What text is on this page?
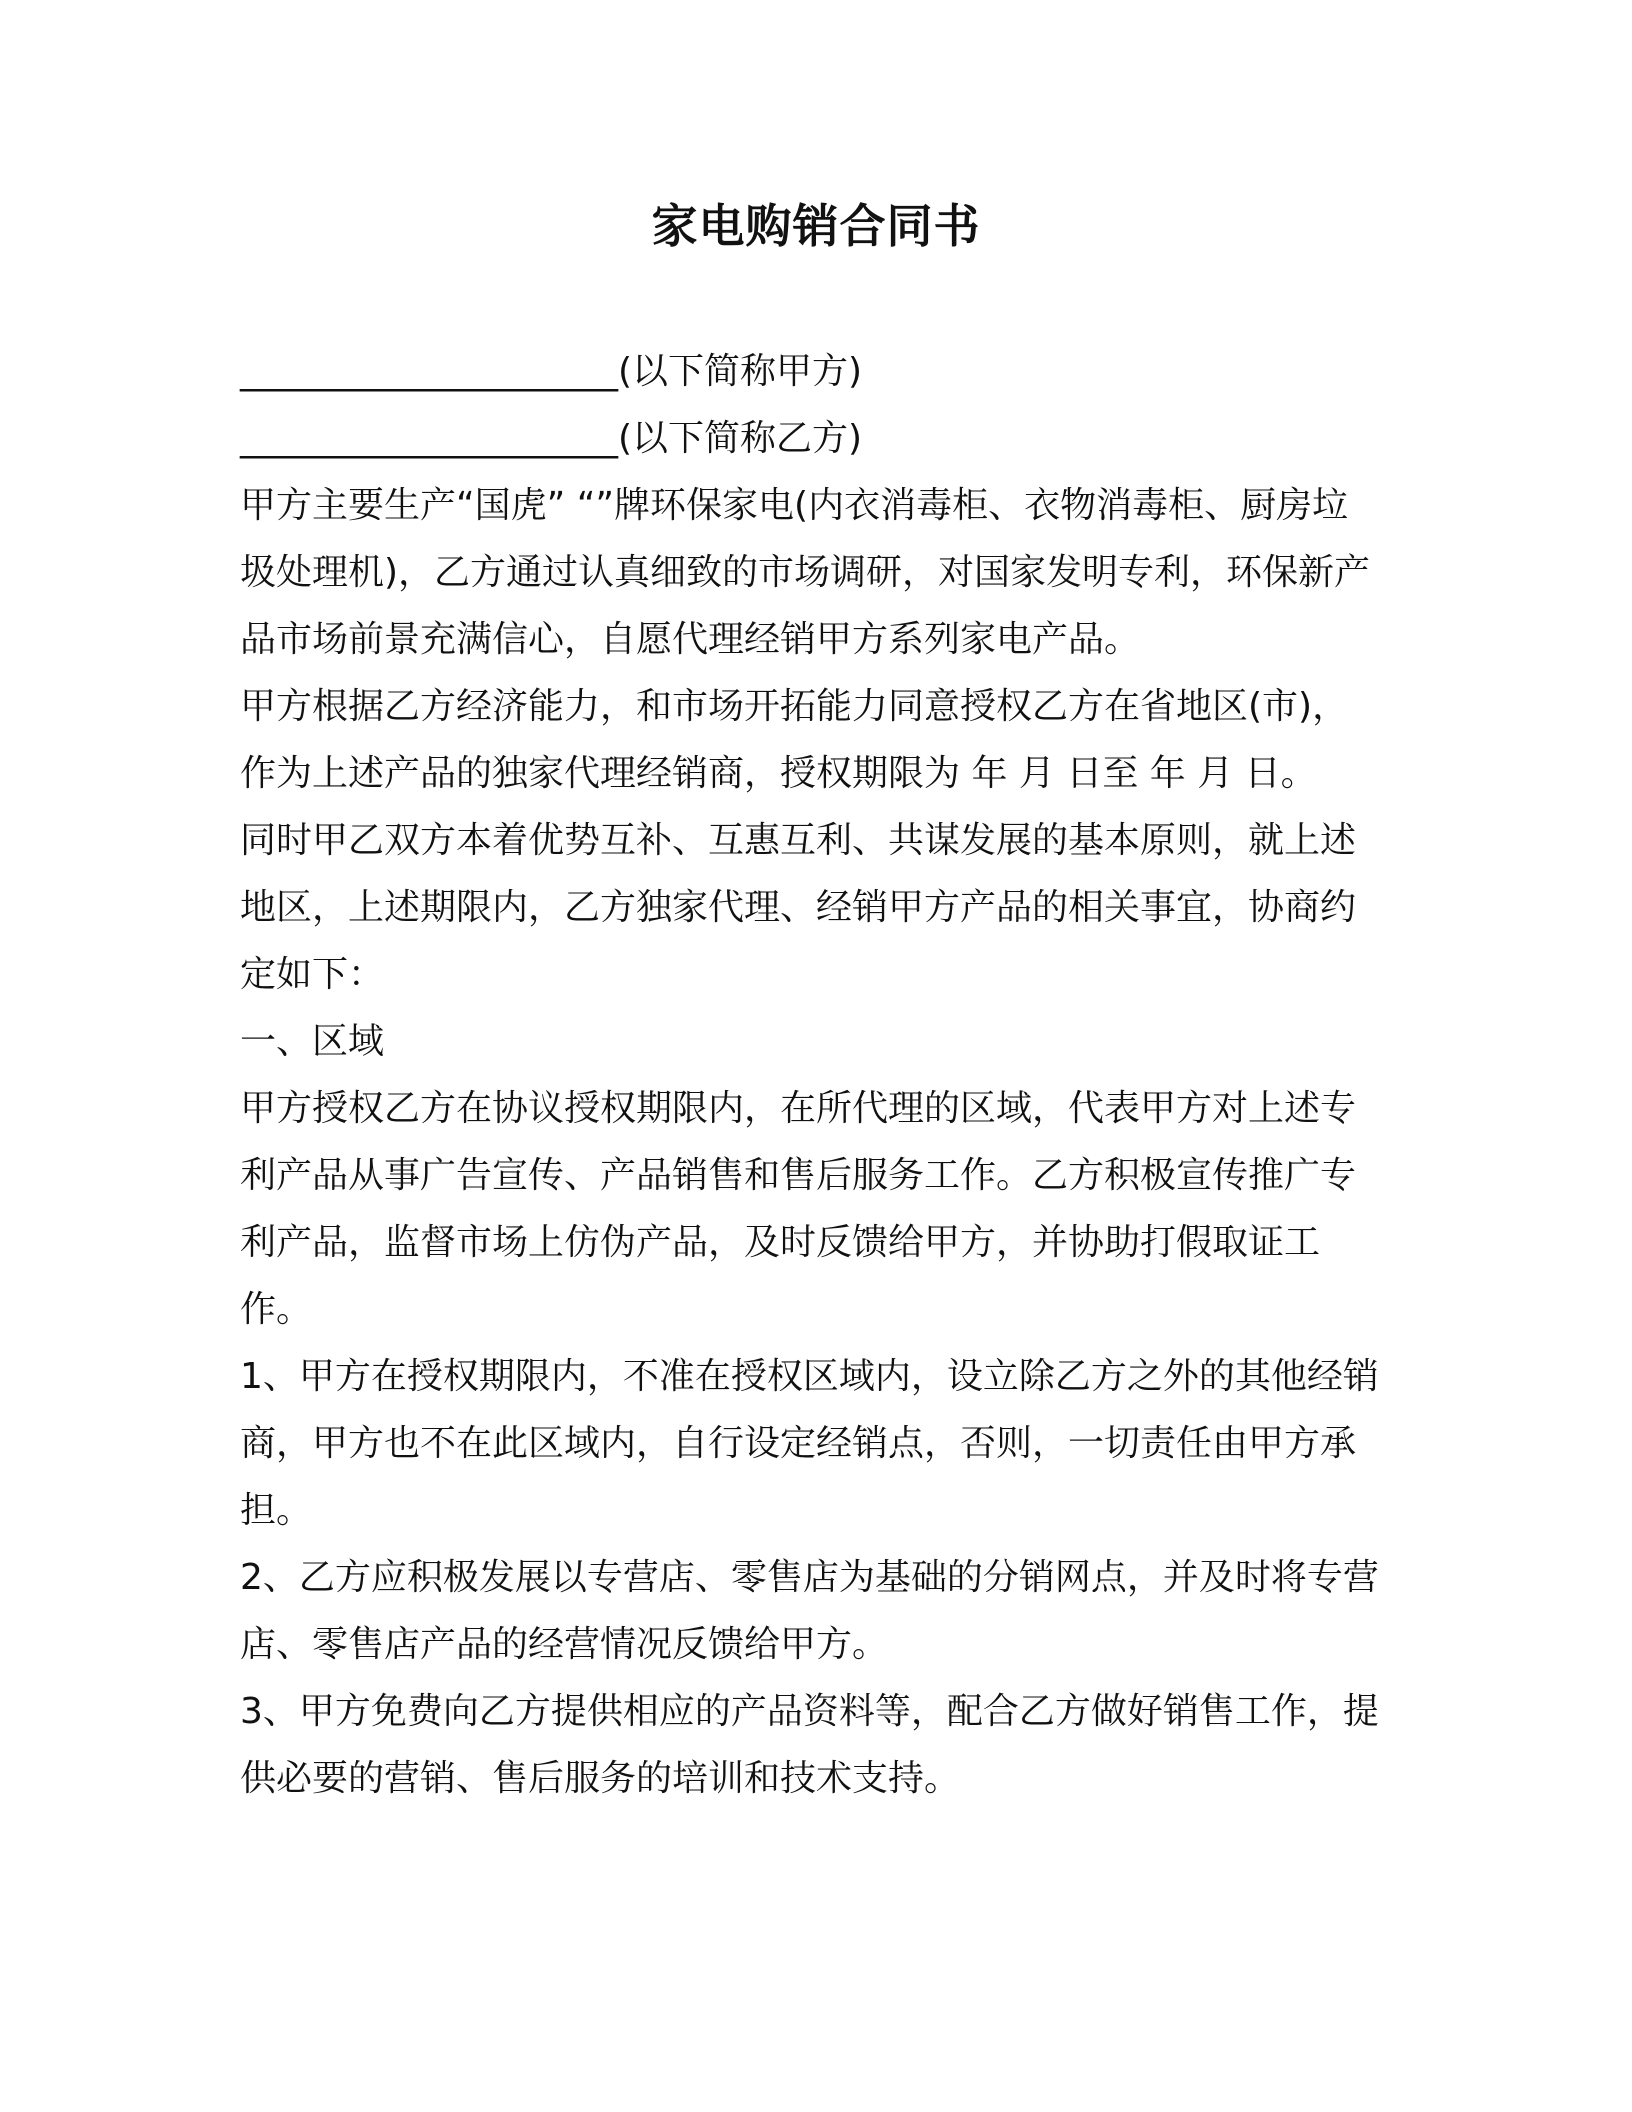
家电购销合同书

_____________________(以下简称甲方)

_____________________(以下简称乙方)

甲方主要生产“国虎” “”牌环保家电(内衣消毒柜、衣物消毒柜、厨房垃圾处理机)，乙方通过认真细致的市场调研，对国家发明专利，环保新产品市场前景充满信心，自愿代理经销甲方系列家电产品。

甲方根据乙方经济能力，和市场开拓能力同意授权乙方在省地区(市)，作为上述产品的独家代理经销商，授权期限为 年 月 日至 年 月 日。

同时甲乙双方本着优势互补、互惠互利、共谋发展的基本原则，就上述地区，上述期限内，乙方独家代理、经销甲方产品的相关事宜，协商约定如下：

一、区域

甲方授权乙方在协议授权期限内，在所代理的区域，代表甲方对上述专利产品从事广告宣传、产品销售和售后服务工作。乙方积极宣传推广专利产品，监督市场上仿伪产品，及时反馈给甲方，并协助打假取证工作。

1、甲方在授权期限内，不准在授权区域内，设立除乙方之外的其他经销商，甲方也不在此区域内，自行设定经销点，否则，一切责任由甲方承担。

2、乙方应积极发展以专营店、零售店为基础的分销网点，并及时将专营店、零售店产品的经营情况反馈给甲方。

3、甲方免费向乙方提供相应的产品资料等，配合乙方做好销售工作，提供必要的营销、售后服务的培训和技术支持。
